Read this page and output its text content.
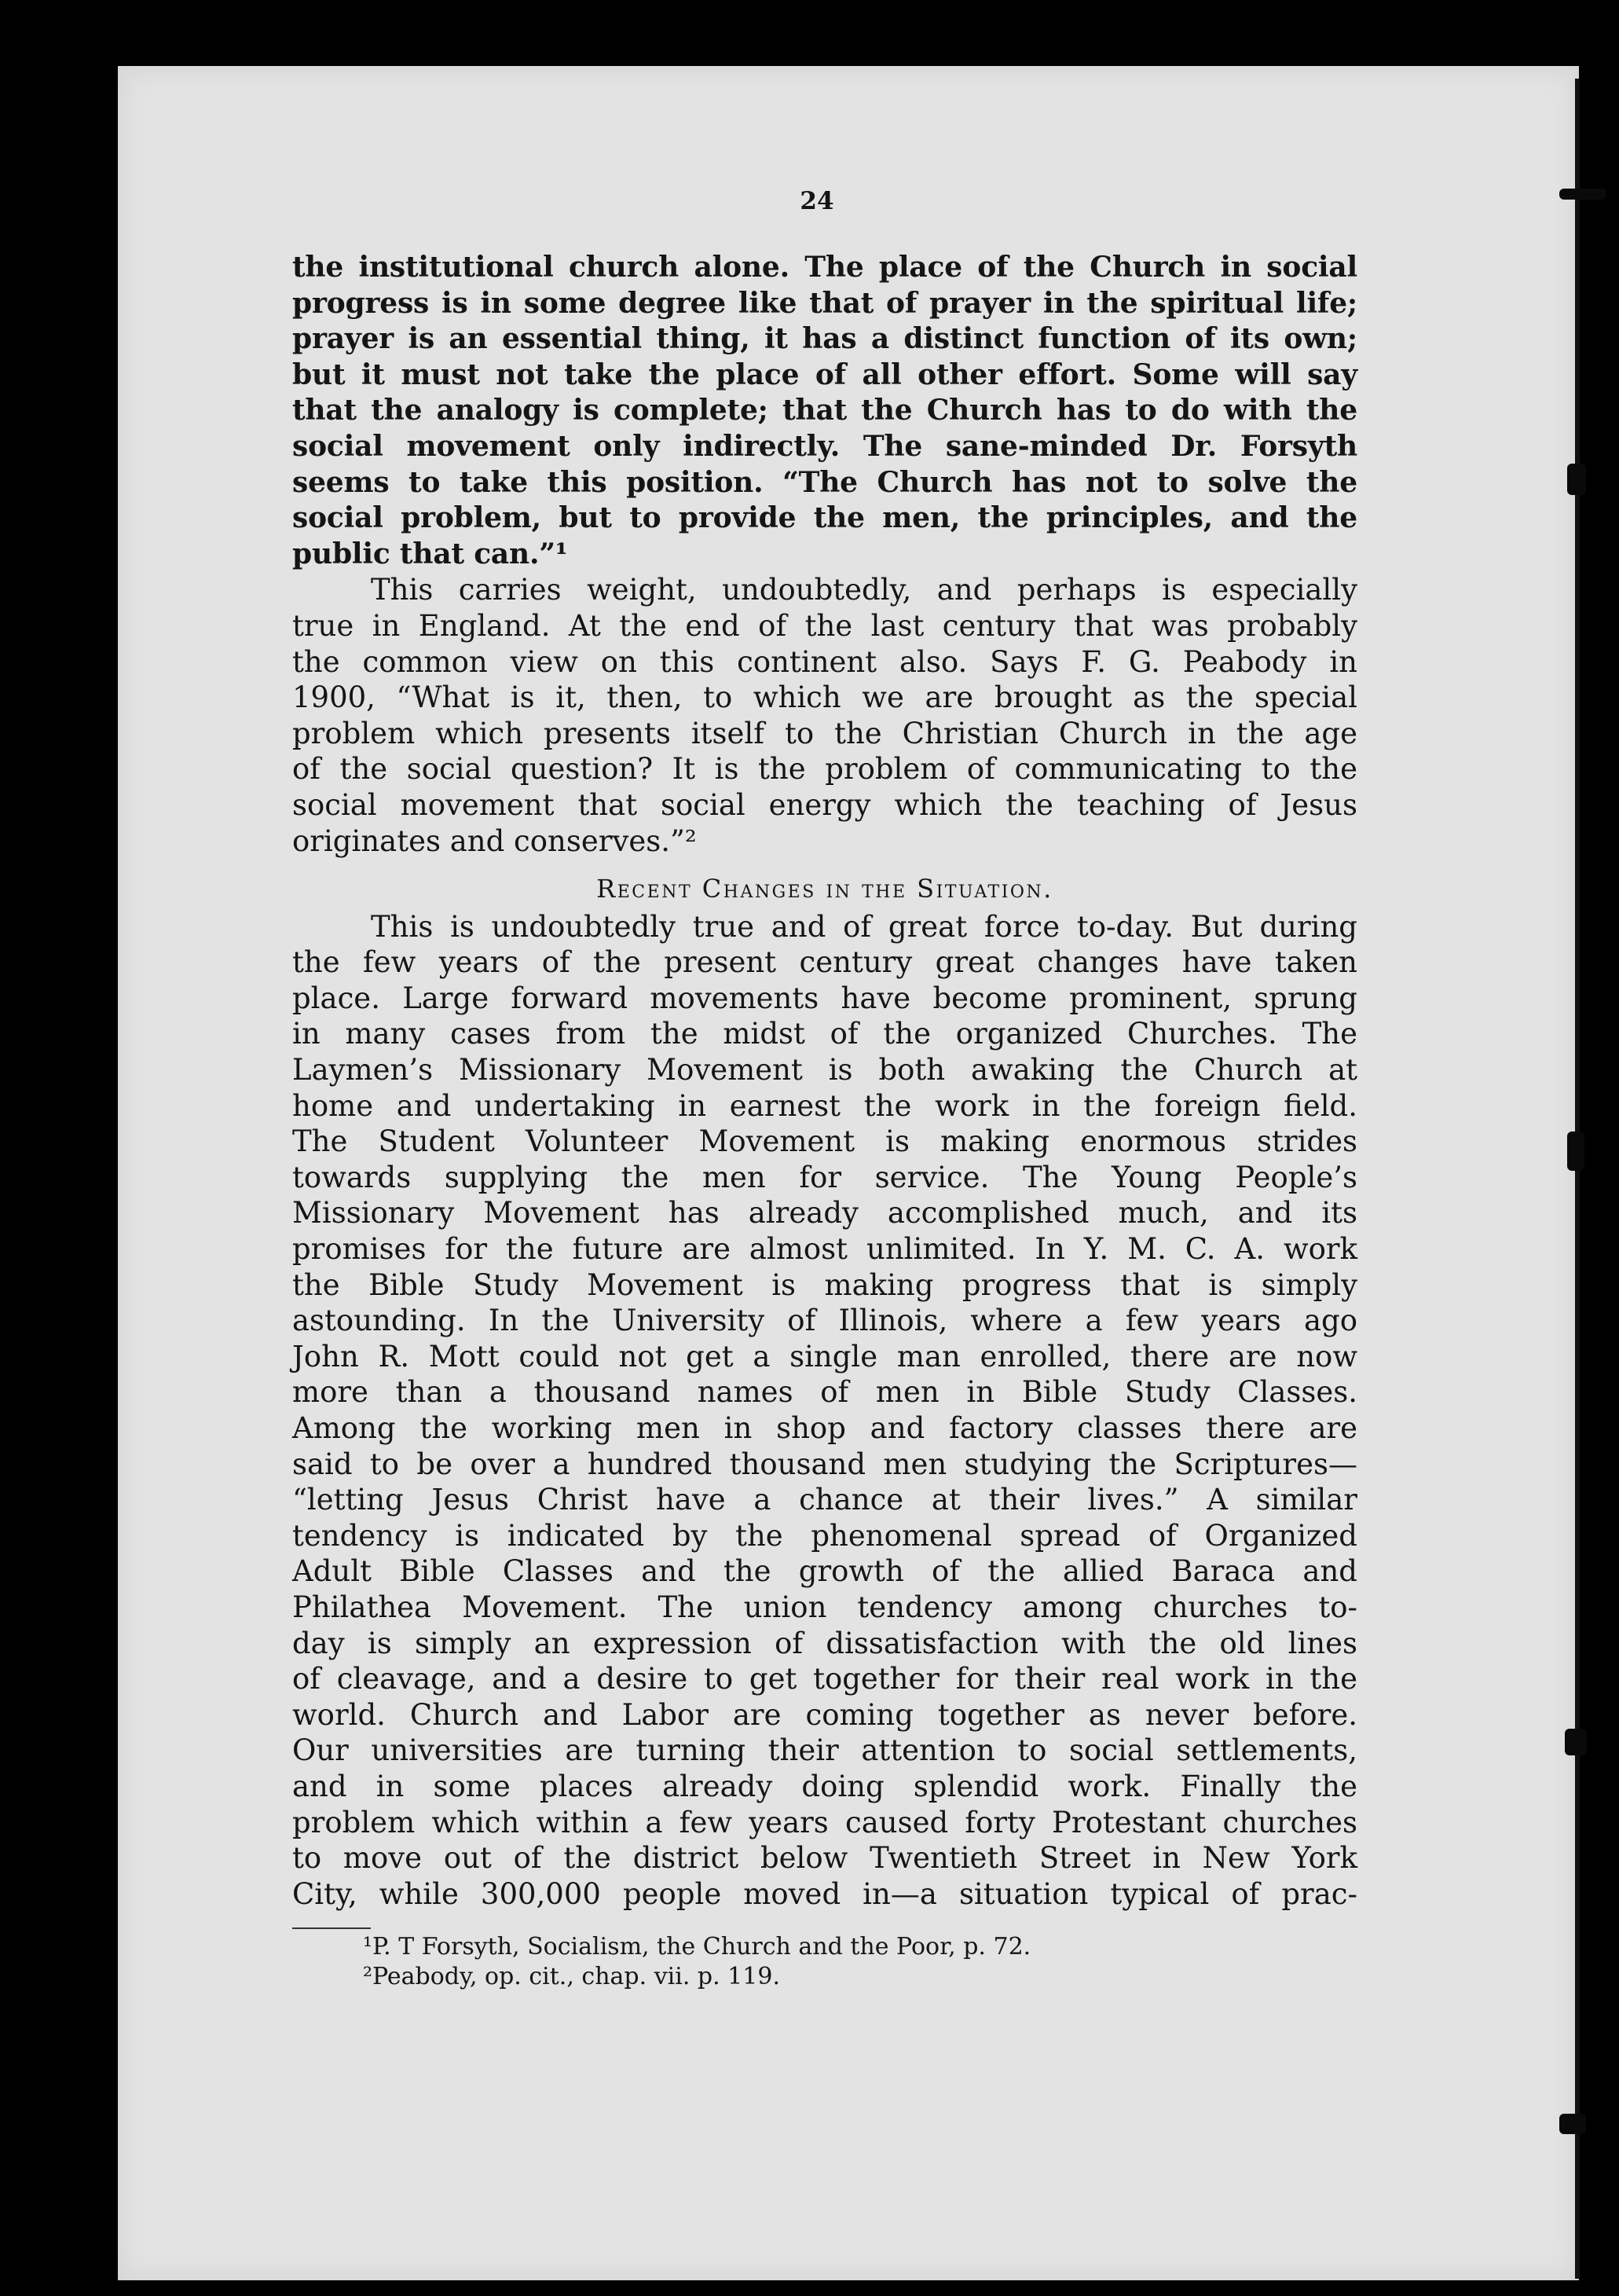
24
the institutional church alone. The place of the Church in social
progress is in some degree like that of prayer in the spiritual life;
prayer is an essential thing, it has a distinct function of its own;
but it must not take the place of all other effort. Some will say
that the analogy is complete; that the Church has to do with the
social movement only indirectly. The sane-minded Dr. Forsyth
seems to take this position. “The Church has not to solve the
social problem, but to provide the men, the principles, and the
public that can.”¹
This carries weight, undoubtedly, and perhaps is especially
true in England. At the end of the last century that was probably
the common view on this continent also. Says F. G. Peabody in
1900, “What is it, then, to which we are brought as the special
problem which presents itself to the Christian Church in the age
of the social question? It is the problem of communicating to the
social movement that social energy which the teaching of Jesus
originates and conserves.”²
Recent Changes in the Situation.
This is undoubtedly true and of great force to-day. But during
the few years of the present century great changes have taken
place. Large forward movements have become prominent, sprung
in many cases from the midst of the organized Churches. The
Laymen’s Missionary Movement is both awaking the Church at
home and undertaking in earnest the work in the foreign field.
The Student Volunteer Movement is making enormous strides
towards supplying the men for service. The Young People’s
Missionary Movement has already accomplished much, and its
promises for the future are almost unlimited. In Y. M. C. A. work
the Bible Study Movement is making progress that is simply
astounding. In the University of Illinois, where a few years ago
John R. Mott could not get a single man enrolled, there are now
more than a thousand names of men in Bible Study Classes.
Among the working men in shop and factory classes there are
said to be over a hundred thousand men studying the Scriptures—
“letting Jesus Christ have a chance at their lives.” A similar
tendency is indicated by the phenomenal spread of Organized
Adult Bible Classes and the growth of the allied Baraca and
Philathea Movement. The union tendency among churches to-
day is simply an expression of dissatisfaction with the old lines
of cleavage, and a desire to get together for their real work in the
world. Church and Labor are coming together as never before.
Our universities are turning their attention to social settlements,
and in some places already doing splendid work. Finally the
problem which within a few years caused forty Protestant churches
to move out of the district below Twentieth Street in New York
City, while 300,000 people moved in—a situation typical of prac-
¹P. T Forsyth, Socialism, the Church and the Poor, p. 72.
²Peabody, op. cit., chap. vii. p. 119.
